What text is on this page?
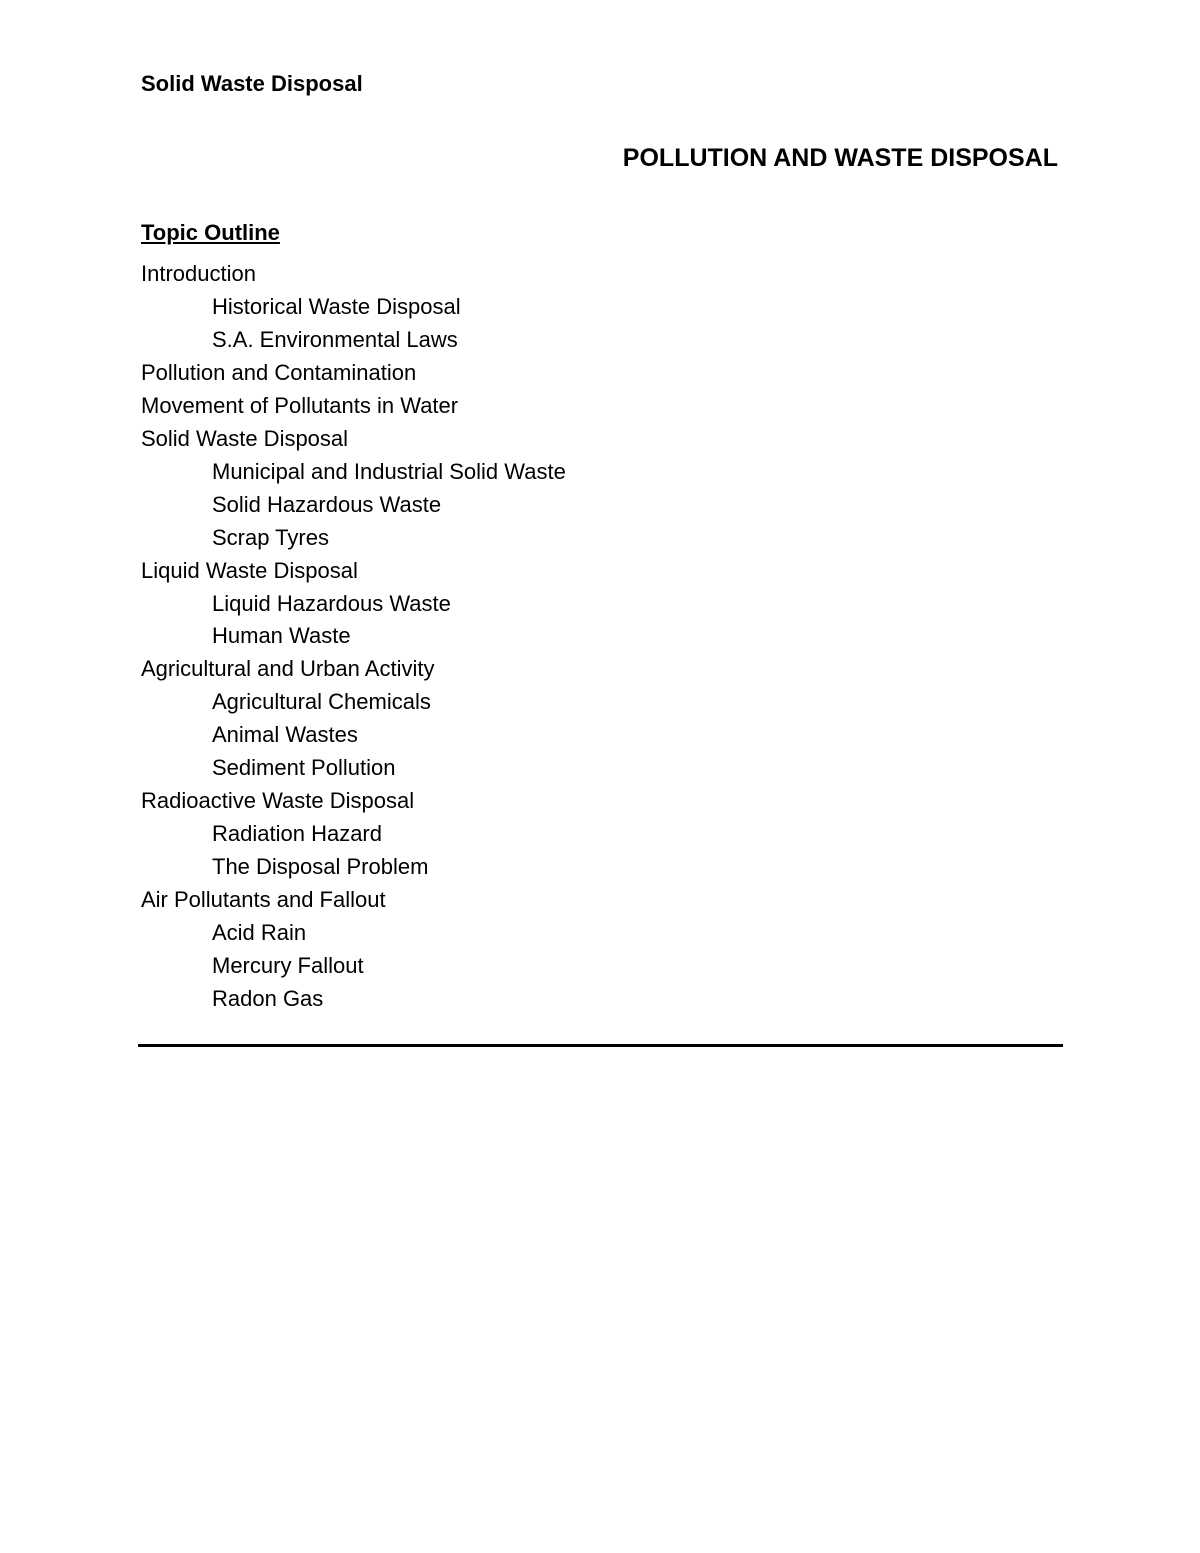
Solid Waste Disposal
POLLUTION AND WASTE DISPOSAL
Topic Outline
Introduction
Historical Waste Disposal
S.A. Environmental Laws
Pollution and Contamination
Movement of Pollutants in Water
Solid Waste Disposal
Municipal and Industrial Solid Waste
Solid Hazardous Waste
Scrap Tyres
Liquid Waste Disposal
Liquid Hazardous Waste
Human Waste
Agricultural and Urban Activity
Agricultural Chemicals
Animal Wastes
Sediment Pollution
Radioactive Waste Disposal
Radiation Hazard
The Disposal Problem
Air Pollutants and Fallout
Acid Rain
Mercury Fallout
Radon Gas
